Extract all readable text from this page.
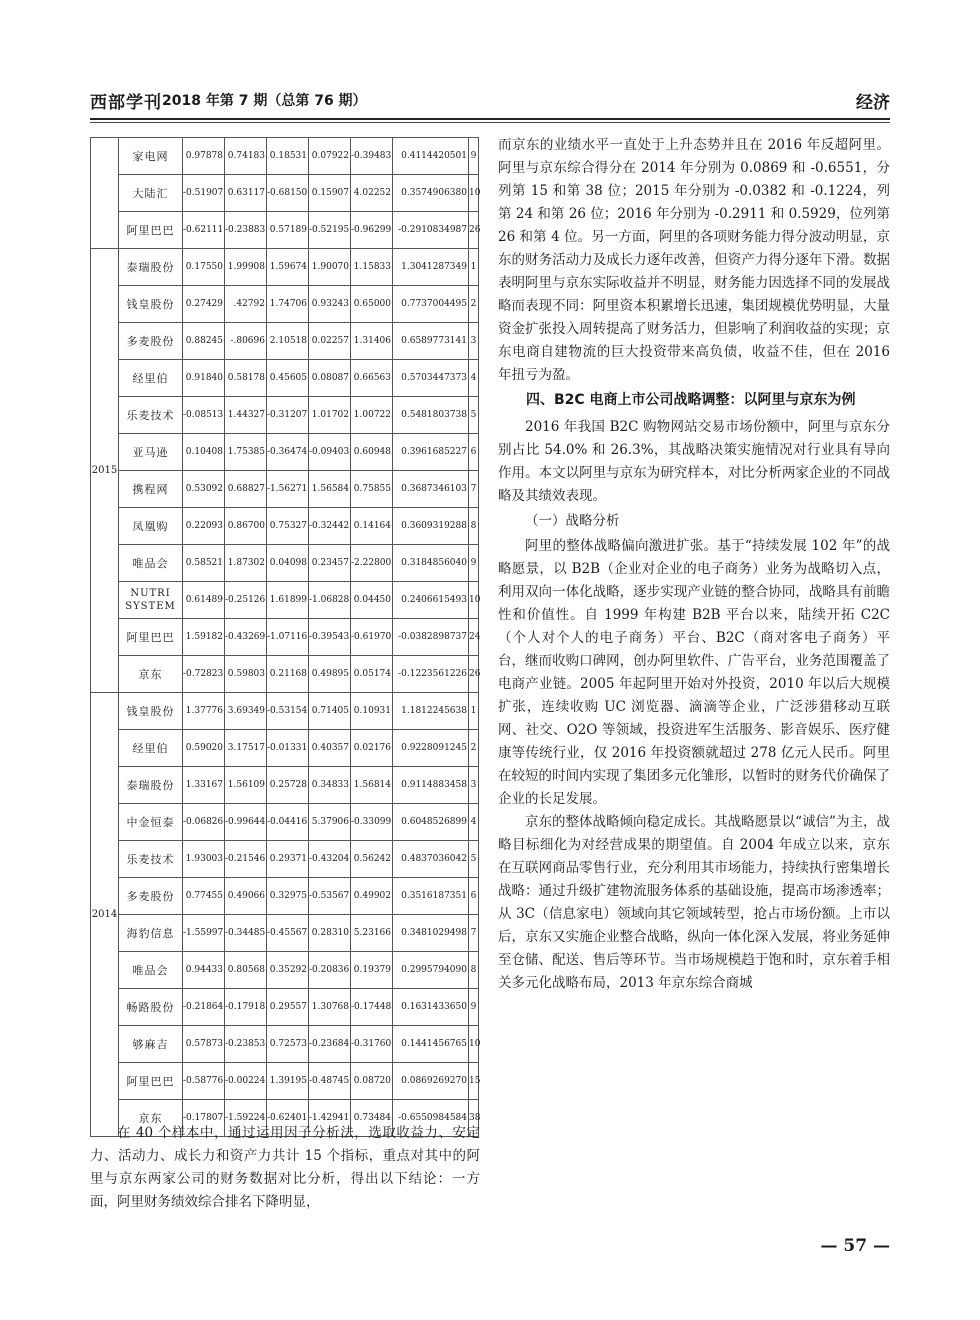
西部学刊 2018 年第 7 期（总第 76 期）	经济
	家电网	0.97878	0.74183	0.18531	0.07922	-0.39483	0.4114420501	9
	大陆汇	-0.51907	0.63117	-0.68150	0.15907	4.02252	0.3574906380	10
	阿里巴巴	-0.62111	-0.23883	0.57189	-0.52195	-0.96299	-0.2910834987	26
2015	泰瑞股份	0.17550	1.99908	1.59674	1.90070	1.15833	1.3041287349	1
	钱皇股份	0.27429	.42792	1.74706	0.93243	0.65000	0.7737004495	2
	多麦股份	0.88245	-.80696	2.10518	0.02257	1.31406	0.6589773141	3
	经里伯	0.91840	0.58178	0.45605	0.08087	0.66563	0.5703447373	4
	乐麦技术	-0.08513	1.44327	-0.31207	1.01702	1.00722	0.5481803738	5
	亚马逊	0.10408	1.75385	-0.36474	-0.09403	0.60948	0.3961685227	6
	携程网	0.53092	0.68827	-1.56271	1.56584	0.75855	0.3687346103	7
	凤凰购	0.22093	0.86700	0.75327	-0.32442	0.14164	0.3609319288	8
	唯品会	0.58521	1.87302	0.04098	0.23457	-2.22800	0.3184856040	9
	NUTRI SYSTEM	0.61489	-0.25126	1.61899	-1.06828	0.04450	0.2406615493	10
	阿里巴巴	1.59182	-0.43269	-1.07116	-0.39543	-0.61970	-0.0382898737	24
	京东	-0.72823	0.59803	0.21168	0.49895	0.05174	-0.1223561226	26
2014	钱皇股份	1.37776	3.69349	-0.53154	0.71405	0.10931	1.1812245638	1
	经里伯	0.59020	3.17517	-0.01331	0.40357	0.02176	0.9228091245	2
	泰瑞股份	1.33167	1.56109	0.25728	0.34833	1.56814	0.9114883458	3
	中金恒泰	-0.06826	-0.99644	-0.04416	5.37906	-0.33099	0.6048526899	4
	乐麦技术	1.93003	-0.21546	0.29371	-0.43204	0.56242	0.4837036042	5
	多麦股份	0.77455	0.49066	0.32975	-0.53567	0.49902	0.3516187351	6
	海豹信息	-1.55997	-0.34485	-0.45567	0.28310	5.23166	0.3481029498	7
	唯品会	0.94433	0.80568	0.35292	-0.20836	0.19379	0.2995794090	8
	畅路股份	-0.21864	-0.17918	0.29557	1.30768	-0.17448	0.1631433650	9
	够麻吉	0.57873	-0.23853	0.72573	-0.23684	-0.31760	0.1441456765	10
	阿里巴巴	-0.58776	-0.00224	1.39195	-0.48745	0.08720	0.0869269270	15
	京东	-0.17807	-1.59224	-0.62401	-1.42941	0.73484	-0.6550984584	38

在 40 个样本中，通过运用因子分析法，选取收益力、安定力、活动力、成长力和资产力共计 15 个指标，重点对其中的阿里与京东两家公司的财务数据对比分析，得出以下结论：一方面，阿里财务绩效综合排名下降明显，

而京东的业绩水平一直处于上升态势并且在 2016 年反超阿里。阿里与京东综合得分在 2014 年分别为 0.0869 和 -0.6551，分列第 15 和第 38 位；2015 年分别为 -0.0382 和 -0.1224，列第 24 和第 26 位；2016 年分别为 -0.2911 和 0.5929，位列第 26 和第 4 位。另一方面，阿里的各项财务能力得分波动明显，京东的财务活动力及成长力逐年改善，但资产力得分逐年下滑。数据表明阿里与京东实际收益并不明显，财务能力因选择不同的发展战略而表现不同：阿里资本积累增长迅速，集团规模优势明显，大量资金扩张投入周转提高了财务活力，但影响了利润收益的实现；京东电商自建物流的巨大投资带来高负债，收益不佳，但在 2016 年扭亏为盈。

四、B2C 电商上市公司战略调整：以阿里与京东为例

2016 年我国 B2C 购物网站交易市场份额中，阿里与京东分别占比 54.0% 和 26.3%，其战略决策实施情况对行业具有导向作用。本文以阿里与京东为研究样本，对比分析两家企业的不同战略及其绩效表现。

（一）战略分析

阿里的整体战略偏向激进扩张。基于“持续发展 102 年”的战略愿景，以 B2B（企业对企业的电子商务）业务为战略切入点，利用双向一体化战略，逐步实现产业链的整合协同，战略具有前瞻性和价值性。自 1999 年构建 B2B 平台以来，陆续开拓 C2C（个人对个人的电子商务）平台、B2C（商对客电子商务）平台，继而收购口碑网，创办阿里软件、广告平台，业务范围覆盖了电商产业链。2005 年起阿里开始对外投资，2010 年以后大规模扩张，连续收购 UC 浏览器、滴滴等企业，广泛涉猎移动互联网、社交、O2O 等领域，投资进军生活服务、影音娱乐、医疗健康等传统行业，仅 2016 年投资额就超过 278 亿元人民币。阿里在较短的时间内实现了集团多元化雏形，以暂时的财务代价确保了企业的长足发展。

京东的整体战略倾向稳定成长。其战略愿景以“诚信”为主，战略目标细化为对经营成果的期望值。自 2004 年成立以来，京东在互联网商品零售行业，充分利用其市场能力，持续执行密集增长战略：通过升级扩建物流服务体系的基础设施，提高市场渗透率；从 3C（信息家电）领域向其它领域转型，抢占市场份额。上市以后，京东又实施企业整合战略，纵向一体化深入发展，将业务延伸至仓储、配送、售后等环节。当市场规模趋于饱和时，京东着手相关多元化战略布局，2013 年京东综合商城

— 57 —
